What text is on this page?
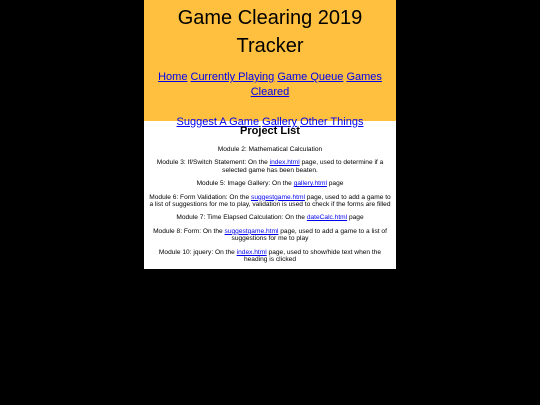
Game Clearing 2019 Tracker

Home Currently Playing Game Queue Games Cleared

Suggest A Game Gallery Other Things

Project List

Module 2: Mathematical Calculation

Module 3: If/Switch Statement: On the index.html page, used to determine if a selected game has been beaten.

Module 5: Image Gallery: On the gallery.html page

Module 6: Form Validation: On the suggestgame.html page, used to add a game to a list of suggestions for me to play, validation is used to check if the forms are filled

Module 7: Time Elapsed Calculation: On the dateCalc.html page

Module 8: Form: On the suggestgame.html page, used to add a game to a list of suggestions for me to play

Module 10: jquery: On the index.html page, used to show/hide text when the heading is clicked
